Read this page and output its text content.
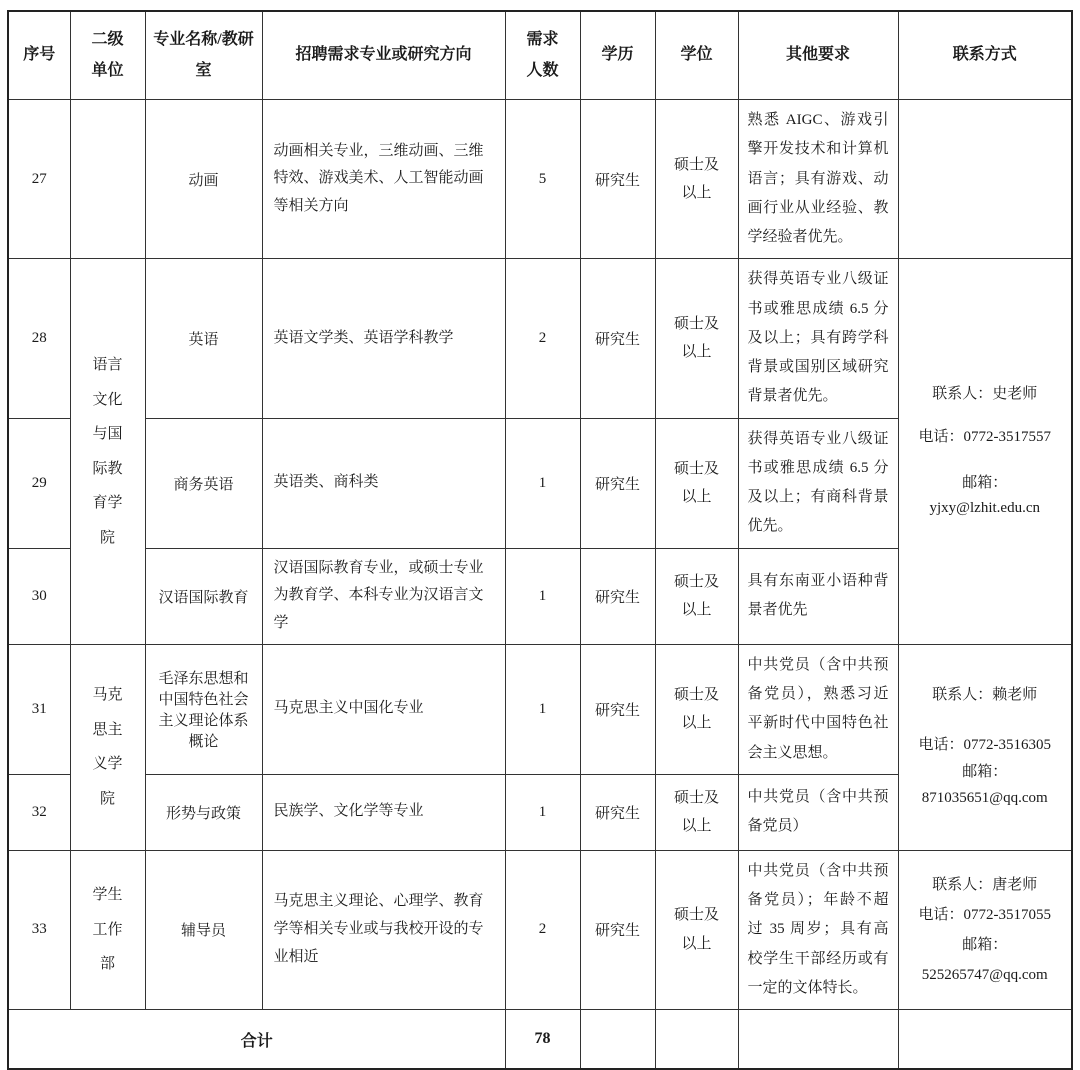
序号	二级单位	专业名称/教研室	招聘需求专业或研究方向	需求人数	学历	学位	其他要求	联系方式
27		动画	动画相关专业，三维动画、三维特效、游戏美术、人工智能动画等相关方向	5	研究生	硕士及以上	熟悉 AIGC、游戏引擎开发技术和计算机语言；具有游戏、动画行业从业经验、教学经验者优先。	
28	语言文化与国际教育学院	英语	英语文学类、英语学科教学	2	研究生	硕士及以上	获得英语专业八级证书或雅思成绩 6.5 分及以上；具有跨学科背景或国别区域研究背景者优先。	联系人：史老师
电话：0772-3517557
邮箱：
yjxy@lzhit.edu.cn

29		商务英语	英语类、商科类	1	研究生	硕士及以上	获得英语专业八级证书或雅思成绩 6.5 分及以上；有商科背景优先。	
30		汉语国际教育	汉语国际教育专业，或硕士专业为教育学、本科专业为汉语言文学	1	研究生	硕士及以上	具有东南亚小语种背景者优先	
31	马克思主义学院	毛泽东思想和中国特色社会主义理论体系概论	马克思主义中国化专业	1	研究生	硕士及以上	中共党员（含中共预备党员），熟悉习近平新时代中国特色社会主义思想。	联系人：赖老师
电话：0772-3516305
邮箱：
871035651@qq.com

32		形势与政策	民族学、文化学等专业	1	研究生	硕士及以上	中共党员（含中共预备党员）	
33	学生工作部	辅导员	马克思主义理论、心理学、教育学等相关专业或与我校开设的专业相近	2	研究生	硕士及以上	中共党员（含中共预备党员）；年龄不超过 35 周岁；具有高校学生干部经历或有一定的文体特长。	联系人：唐老师
电话：0772-3517055
邮箱：
525265747@qq.com

合计				78				
